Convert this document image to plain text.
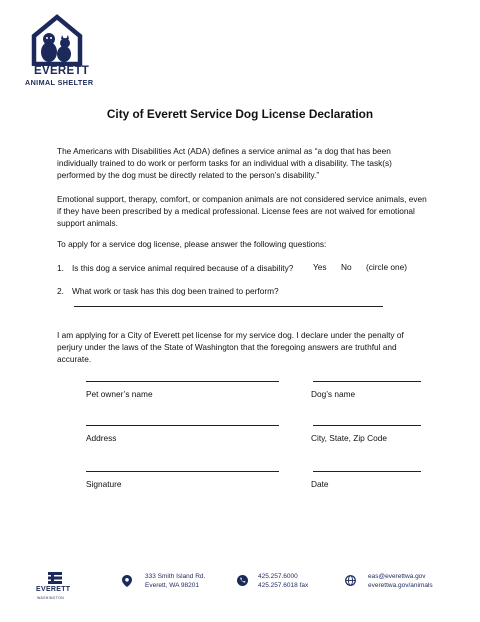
EVERETT
ANIMAL SHELTER
City of Everett Service Dog License Declaration
The Americans with Disabilities Act (ADA) defines a service animal as “a dog that has been individually trained to do work or perform tasks for an individual with a disability. The task(s) performed by the dog must be directly related to the person’s disability.”
Emotional support, therapy, comfort, or companion animals are not considered service animals, even if they have been prescribed by a medical professional. License fees are not waived for emotional support animals.
To apply for a service dog license, please answer the following questions:
1. Is this dog a service animal required because of a disability? Yes No (circle one)
2. What work or task has this dog been trained to perform?
I am applying for a City of Everett pet license for my service dog. I declare under the penalty of perjury under the laws of the State of Washington that the foregoing answers are truthful and accurate.
Pet owner’s name	Dog’s name
Address	City, State, Zip Code
Signature	Date
EVERETT
WASHINGTON
333 Smith Island Rd.
Everett, WA 98201
425.257.6000
425.257.6018 fax
eas@everettwa.gov
everettwa.gov/animals
